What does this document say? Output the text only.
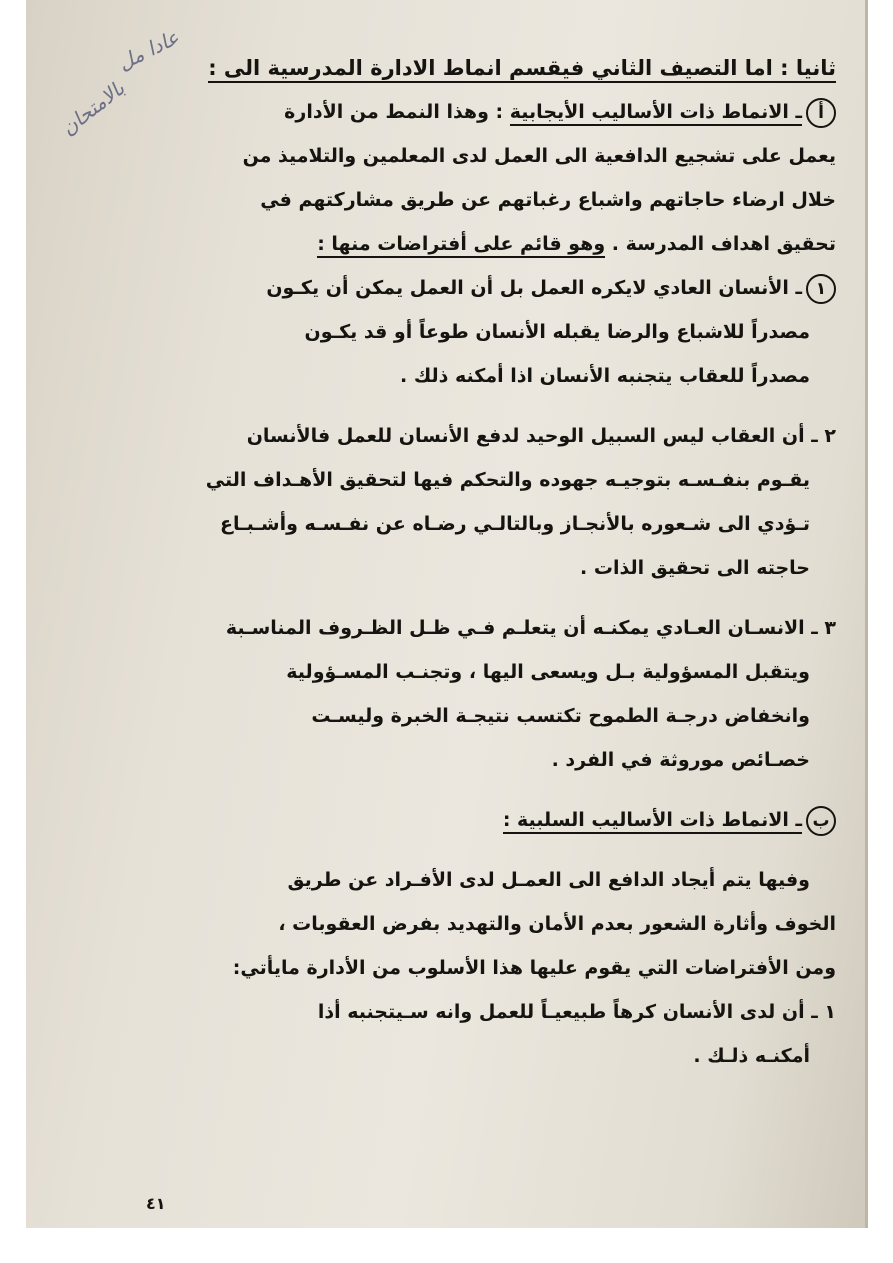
عادا مل
بالامتحان
ثانيا : اما التصيف الثاني فيقسم انماط الادارة المدرسية الى :
أـ الانماط ذات الأساليب الأيجابية : وهذا النمط من الأدارة
يعمل على تشجيع الدافعية الى العمل لدى المعلمين والتلاميذ من
خلال ارضاء حاجاتهم واشباع رغباتهم عن طريق مشاركتهم في
تحقيق اهداف المدرسة . وهو قائم على أفتراضات منها :
١ـ الأنسان العادي لايكره العمل بل أن العمل يمكن أن يكـون
مصدراً للاشباع والرضا يقبله الأنسان طوعاً أو قد يكـون
مصدراً للعقاب يتجنبه الأنسان اذا أمكنه ذلك .
٢ ـ أن العقاب ليس السبيل الوحيد لدفع الأنسان للعمل فالأنسان
يقـوم بنفـسـه بتوجيـه جهوده والتحكم فيها لتحقيق الأهـداف التي
تـؤدي الى شـعوره بالأنجـاز وبالتالـي رضـاه عن نفـسـه وأشـبـاع
حاجته الى تحقيق الذات .
٣ ـ الانسـان العـادي يمكنـه أن يتعلـم فـي ظـل الظـروف المناسـبة
ويتقبل المسؤولية بـل ويسعى اليها ، وتجنـب المسـؤولية
وانخفاض درجـة الطموح تكتسب نتيجـة الخبرة وليسـت
خصـائص موروثة في الفرد .
بـ الانماط ذات الأساليب السلبية :
وفيها يتم أيجاد الدافع الى العمـل لدى الأفـراد عن طريق
الخوف وأثارة الشعور بعدم الأمان والتهديد بفرض العقوبات ،
ومن الأفتراضات التي يقوم عليها هذا الأسلوب من الأدارة مايأتي:
١ ـ أن لدى الأنسان كرهاً طبيعيـاً للعمل وانه سـيتجنبه أذا
أمكنـه ذلـك .
٤١
